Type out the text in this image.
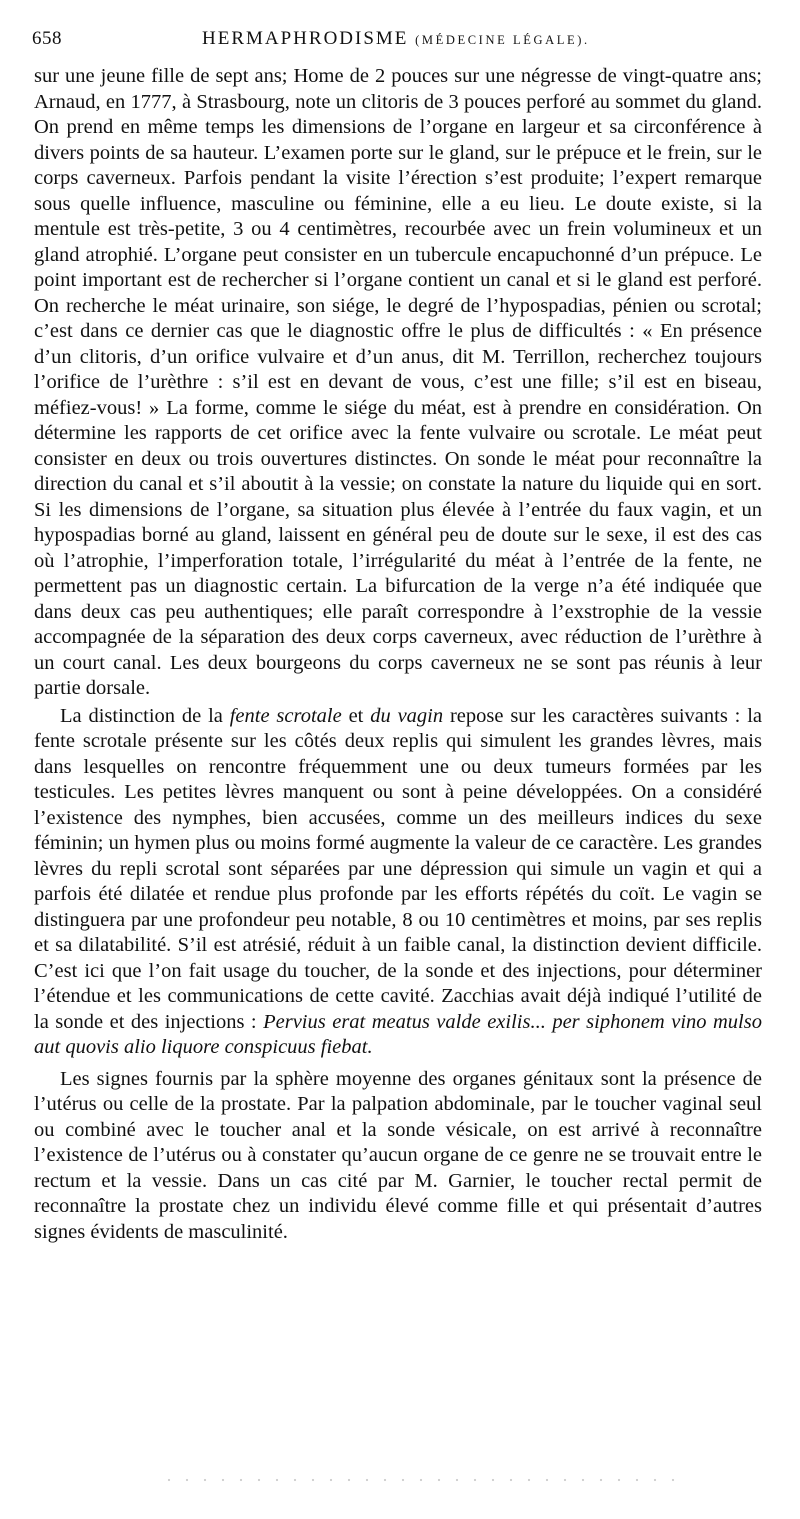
658	HERMAPHRODISME (MÉDECINE LÉGALE).

sur une jeune fille de sept ans; Home de 2 pouces sur une négresse de vingt-quatre ans; Arnaud, en 1777, à Strasbourg, note un clitoris de 3 pouces perforé au sommet du gland. On prend en même temps les dimensions de l’organe en largeur et sa circonférence à divers points de sa hauteur. L’examen porte sur le gland, sur le prépuce et le frein, sur le corps caverneux. Parfois pendant la visite l’érection s’est produite; l’expert remarque sous quelle influence, masculine ou féminine, elle a eu lieu. Le doute existe, si la mentule est très-petite, 3 ou 4 centimètres, recourbée avec un frein volumineux et un gland atrophié. L’organe peut consister en un tubercule encapuchonné d’un prépuce. Le point important est de rechercher si l’organe contient un canal et si le gland est perforé. On recherche le méat urinaire, son siége, le degré de l’hypospadias, pénien ou scrotal; c’est dans ce dernier cas que le diagnostic offre le plus de difficultés : « En présence d’un clitoris, d’un orifice vulvaire et d’un anus, dit M. Terrillon, recherchez toujours l’orifice de l’urèthre : s’il est en devant de vous, c’est une fille; s’il est en biseau, méfiez-vous! » La forme, comme le siége du méat, est à prendre en considération. On détermine les rapports de cet orifice avec la fente vulvaire ou scrotale. Le méat peut consister en deux ou trois ouvertures distinctes. On sonde le méat pour reconnaître la direction du canal et s’il aboutit à la vessie; on constate la nature du liquide qui en sort. Si les dimensions de l’organe, sa situation plus élevée à l’entrée du faux vagin, et un hypospadias borné au gland, laissent en général peu de doute sur le sexe, il est des cas où l’atrophie, l’imperforation totale, l’irrégularité du méat à l’entrée de la fente, ne permettent pas un diagnostic certain. La bifurcation de la verge n’a été indiquée que dans deux cas peu authentiques; elle paraît correspondre à l’exstrophie de la vessie accompagnée de la séparation des deux corps caverneux, avec réduction de l’urèthre à un court canal. Les deux bourgeons du corps caverneux ne se sont pas réunis à leur partie dorsale.

La distinction de la fente scrotale et du vagin repose sur les caractères suivants : la fente scrotale présente sur les côtés deux replis qui simulent les grandes lèvres, mais dans lesquelles on rencontre fréquemment une ou deux tumeurs formées par les testicules. Les petites lèvres manquent ou sont à peine développées. On a considéré l’existence des nymphes, bien accusées, comme un des meilleurs indices du sexe féminin; un hymen plus ou moins formé augmente la valeur de ce caractère. Les grandes lèvres du repli scrotal sont séparées par une dépression qui simule un vagin et qui a parfois été dilatée et rendue plus profonde par les efforts répétés du coït. Le vagin se distinguera par une profondeur peu notable, 8 ou 10 centimètres et moins, par ses replis et sa dilatabilité. S’il est atrésié, réduit à un faible canal, la distinction devient difficile. C’est ici que l’on fait usage du toucher, de la sonde et des injections, pour déterminer l’étendue et les communications de cette cavité. Zacchias avait déjà indiqué l’utilité de la sonde et des injections : Pervius erat meatus valde exilis... per siphonem vino mulso aut quovis alio liquore conspicuus fiebat.

Les signes fournis par la sphère moyenne des organes génitaux sont la présence de l’utérus ou celle de la prostate. Par la palpation abdominale, par le toucher vaginal seul ou combiné avec le toucher anal et la sonde vésicale, on est arrivé à reconnaître l’existence de l’utérus ou à constater qu’aucun organe de ce genre ne se trouvait entre le rectum et la vessie. Dans un cas cité par M. Garnier, le toucher rectal permit de reconnaître la prostate chez un individu élevé comme fille et qui présentait d’autres signes évidents de masculinité.
